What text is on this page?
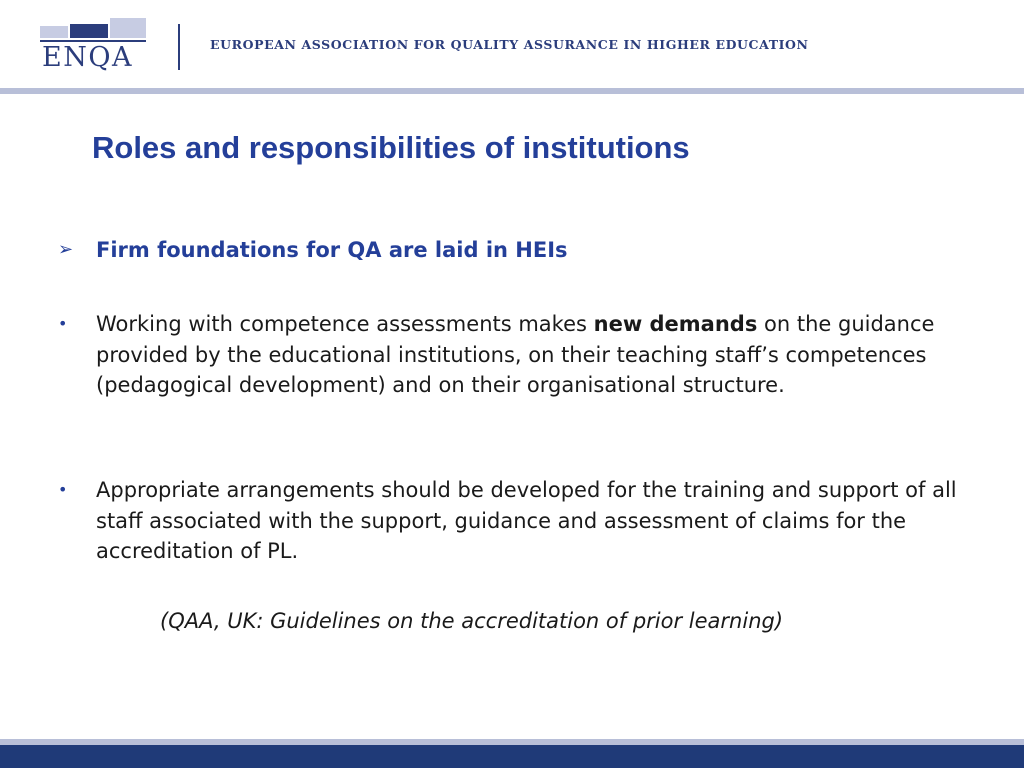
ENQA	EUROPEAN ASSOCIATION FOR QUALITY ASSURANCE IN HIGHER EDUCATION
Roles and responsibilities of institutions
➢ Firm foundations for QA are laid in HEIs
• Working with competence assessments makes new demands on the guidance provided by the educational institutions, on their teaching staff’s competences (pedagogical development) and on their organisational structure.
• Appropriate arrangements should be developed for the training and support of all staff associated with the support, guidance and assessment of claims for the accreditation of PL.
(QAA, UK: Guidelines on the accreditation of prior learning)
